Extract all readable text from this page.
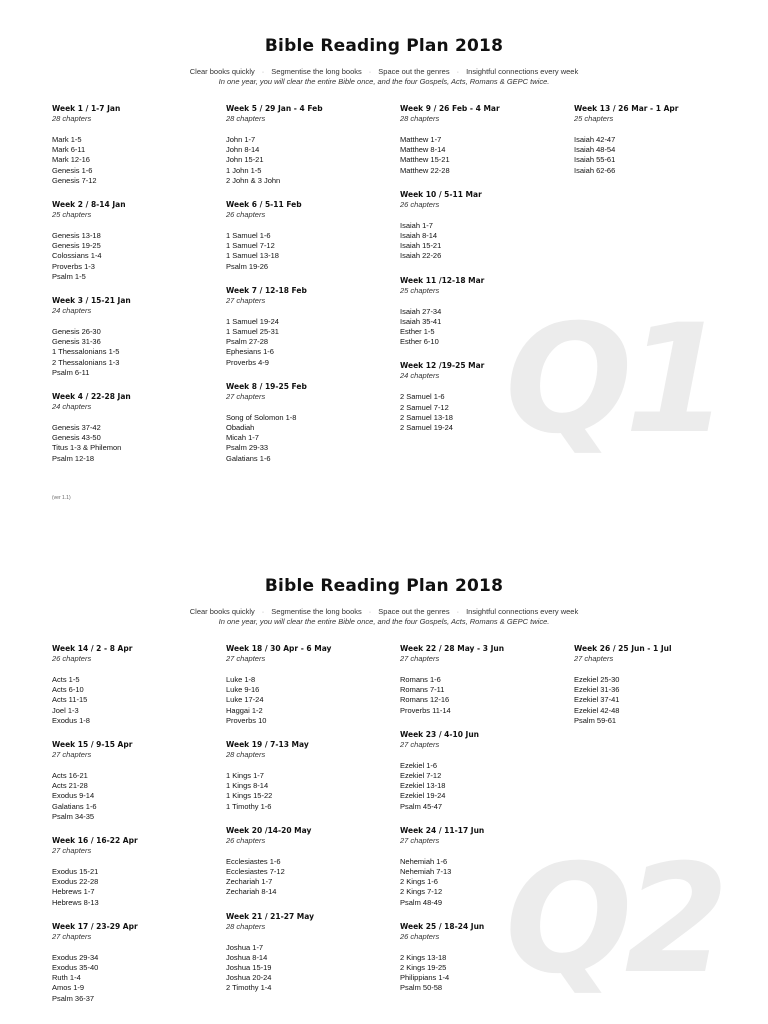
Q1
Bible Reading Plan 2018
Clear books quickly · Segmentise the long books · Space out the genres · Insightful connections every week
In one year, you will clear the entire Bible once, and the four Gospels, Acts, Romans & GEPC twice.
Week 1 / 1-7 Jan
28 chapters
Mark 1-5
Mark 6-11
Mark 12-16
Genesis 1-6
Genesis 7-12
Week 2 / 8-14 Jan
25 chapters
Genesis 13-18
Genesis 19-25
Colossians 1-4
Proverbs 1-3
Psalm 1-5
Week 3 / 15-21 Jan
24 chapters
Genesis 26-30
Genesis 31-36
1 Thessalonians 1-5
2 Thessalonians 1-3
Psalm 6-11
Week 4 / 22-28 Jan
24 chapters
Genesis 37-42
Genesis 43-50
Titus 1-3 & Philemon
Psalm 12-18
Week 5 / 29 Jan - 4 Feb
28 chapters
John 1-7
John 8-14
John 15-21
1 John 1-5
2 John & 3 John
Week 6 / 5-11 Feb
26 chapters
1 Samuel 1-6
1 Samuel 7-12
1 Samuel 13-18
Psalm 19-26
Week 7 / 12-18 Feb
27 chapters
1 Samuel 19-24
1 Samuel 25-31
Psalm 27-28
Ephesians 1-6
Proverbs 4-9
Week 8 / 19-25 Feb
27 chapters
Song of Solomon 1-8
Obadiah
Micah 1-7
Psalm 29-33
Galatians 1-6
Week 9 / 26 Feb - 4 Mar
28 chapters
Matthew 1-7
Matthew 8-14
Matthew 15-21
Matthew 22-28
Week 10 / 5-11 Mar
26 chapters
Isaiah 1-7
Isaiah 8-14
Isaiah 15-21
Isaiah 22-26
Week 11 /12-18 Mar
25 chapters
Isaiah 27-34
Isaiah 35-41
Esther 1-5
Esther 6-10
Week 12 /19-25 Mar
24 chapters
2 Samuel 1-6
2 Samuel 7-12
2 Samuel 13-18
2 Samuel 19-24
Week 13 / 26 Mar - 1 Apr
25 chapters
Isaiah 42-47
Isaiah 48-54
Isaiah 55-61
Isaiah 62-66
(ver 1.1)
Q2
Bible Reading Plan 2018
Clear books quickly · Segmentise the long books · Space out the genres · Insightful connections every week
In one year, you will clear the entire Bible once, and the four Gospels, Acts, Romans & GEPC twice.
Week 14 / 2 - 8 Apr
26 chapters
Acts 1-5
Acts 6-10
Acts 11-15
Joel 1-3
Exodus 1-8
Week 15 / 9-15 Apr
27 chapters
Acts 16-21
Acts 21-28
Exodus 9-14
Galatians 1-6
Psalm 34-35
Week 16 / 16-22 Apr
27 chapters
Exodus 15-21
Exodus 22-28
Hebrews 1-7
Hebrews 8-13
Week 17 / 23-29 Apr
27 chapters
Exodus 29-34
Exodus 35-40
Ruth 1-4
Amos 1-9
Psalm 36-37
Week 18 / 30 Apr - 6 May
27 chapters
Luke 1-8
Luke 9-16
Luke 17-24
Haggai 1-2
Proverbs 10
Week 19 / 7-13 May
28 chapters
1 Kings 1-7
1 Kings 8-14
1 Kings 15-22
1 Timothy 1-6
Week 20 /14-20 May
26 chapters
Ecclesiastes 1-6
Ecclesiastes 7-12
Zechariah 1-7
Zechariah 8-14
Week 21 / 21-27 May
28 chapters
Joshua 1-7
Joshua 8-14
Joshua 15-19
Joshua 20-24
2 Timothy 1-4
Week 22 / 28 May - 3 Jun
27 chapters
Romans 1-6
Romans 7-11
Romans 12-16
Proverbs 11-14
Week 23 / 4-10 Jun
27 chapters
Ezekiel 1-6
Ezekiel 7-12
Ezekiel 13-18
Ezekiel 19-24
Psalm 45-47
Week 24 / 11-17 Jun
27 chapters
Nehemiah 1-6
Nehemiah 7-13
2 Kings 1-6
2 Kings 7-12
Psalm 48-49
Week 25 / 18-24 Jun
26 chapters
2 Kings 13-18
2 Kings 19-25
Philippians 1-4
Psalm 50-58
Week 26 / 25 Jun - 1 Jul
27 chapters
Ezekiel 25-30
Ezekiel 31-36
Ezekiel 37-41
Ezekiel 42-48
Psalm 59-61
